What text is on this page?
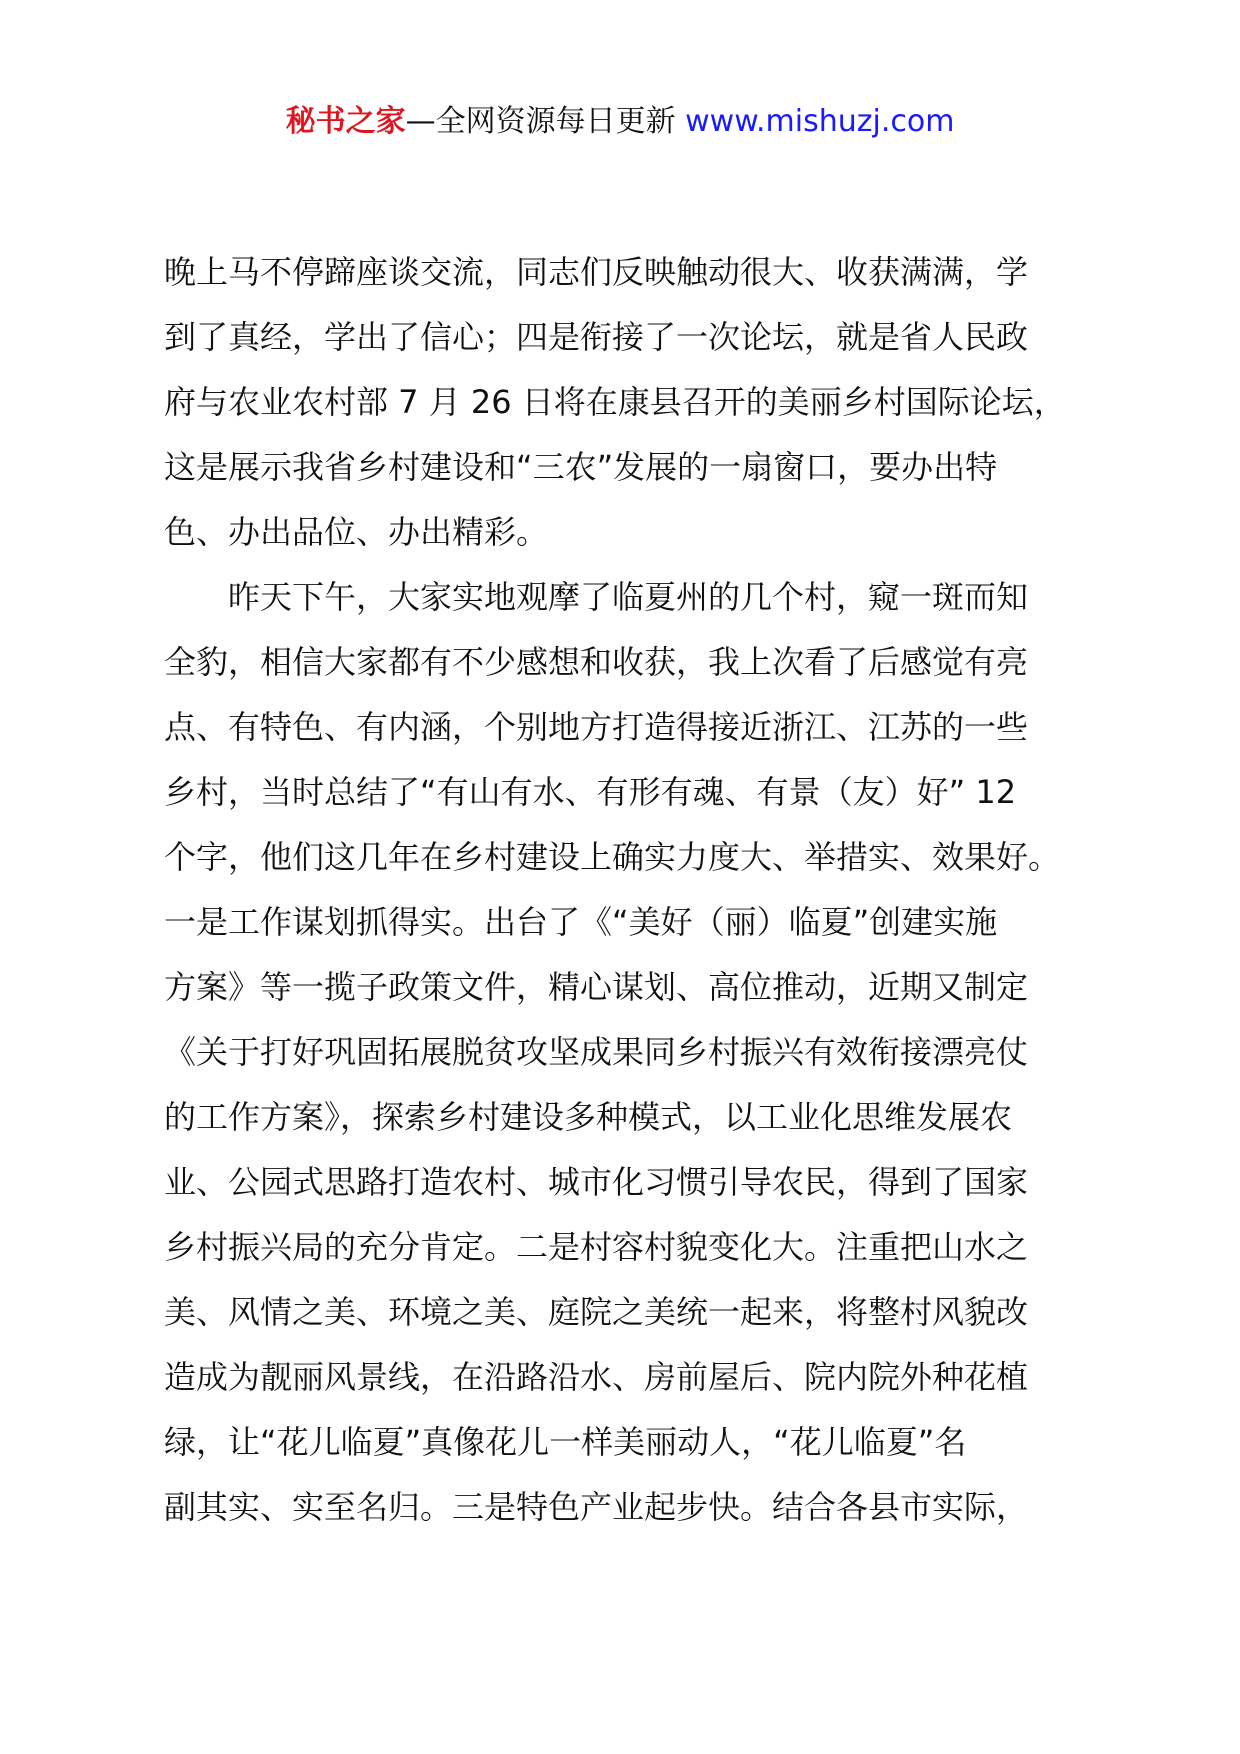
秘书之家—全网资源每日更新 www.mishuzj.com
晚上马不停蹄座谈交流，同志们反映触动很大、收获满满，学
到了真经，学出了信心；四是衔接了一次论坛，就是省人民政
府与农业农村部 7 月 26 日将在康县召开的美丽乡村国际论坛，
这是展示我省乡村建设和“三农”发展的一扇窗口，要办出特
色、办出品位、办出精彩。
　　昨天下午，大家实地观摩了临夏州的几个村，窥一斑而知
全豹，相信大家都有不少感想和收获，我上次看了后感觉有亮
点、有特色、有内涵，个别地方打造得接近浙江、江苏的一些
乡村，当时总结了“有山有水、有形有魂、有景（友）好” 12
个字，他们这几年在乡村建设上确实力度大、举措实、效果好。
一是工作谋划抓得实。出台了《“美好（丽）临夏”创建实施
方案》等一揽子政策文件，精心谋划、高位推动，近期又制定
《关于打好巩固拓展脱贫攻坚成果同乡村振兴有效衔接漂亮仗
的工作方案》，探索乡村建设多种模式，以工业化思维发展农
业、公园式思路打造农村、城市化习惯引导农民，得到了国家
乡村振兴局的充分肯定。二是村容村貌变化大。注重把山水之
美、风情之美、环境之美、庭院之美统一起来，将整村风貌改
造成为靓丽风景线，在沿路沿水、房前屋后、院内院外种花植
绿，让“花儿临夏”真像花儿一样美丽动人，“花儿临夏”名
副其实、实至名归。三是特色产业起步快。结合各县市实际，
